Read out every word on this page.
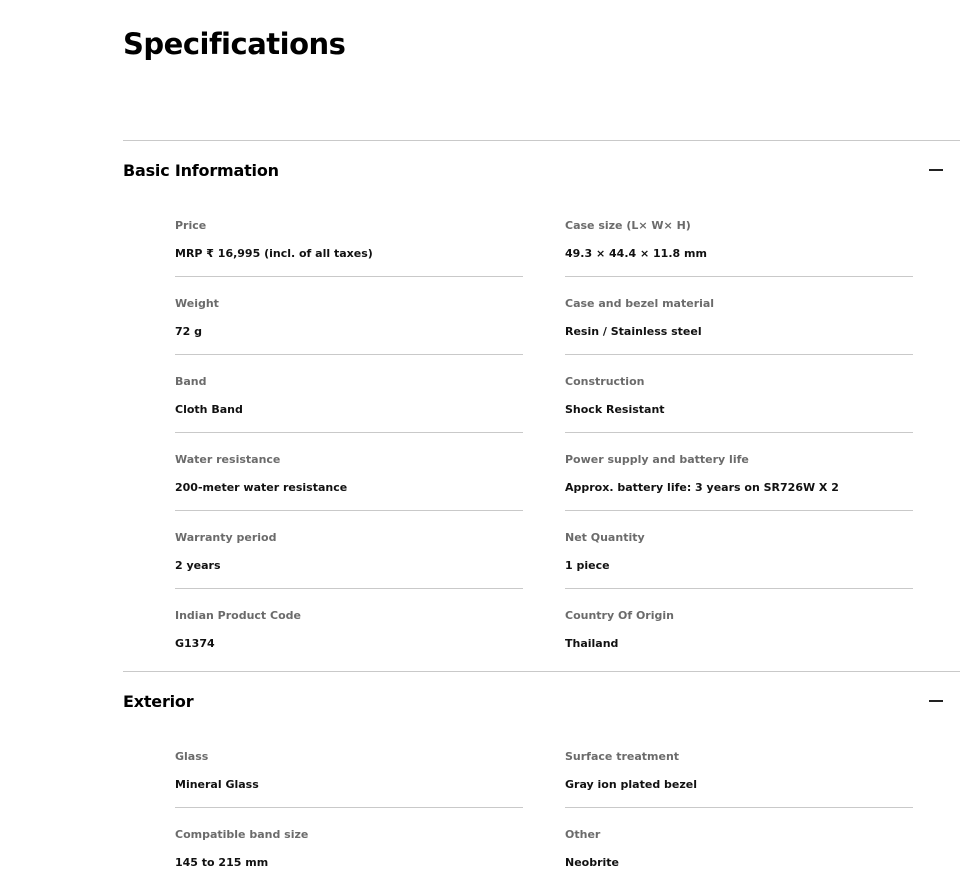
Specifications
Basic Information
Price
MRP ₹ 16,995 (incl. of all taxes)
Case size (L× W× H)
49.3 × 44.4 × 11.8 mm
Weight
72 g
Case and bezel material
Resin / Stainless steel
Band
Cloth Band
Construction
Shock Resistant
Water resistance
200-meter water resistance
Power supply and battery life
Approx. battery life: 3 years on SR726W X 2
Warranty period
2 years
Net Quantity
1 piece
Indian Product Code
G1374
Country Of Origin
Thailand
Exterior
Glass
Mineral Glass
Surface treatment
Gray ion plated bezel
Compatible band size
145 to 215 mm
Other
Neobrite
